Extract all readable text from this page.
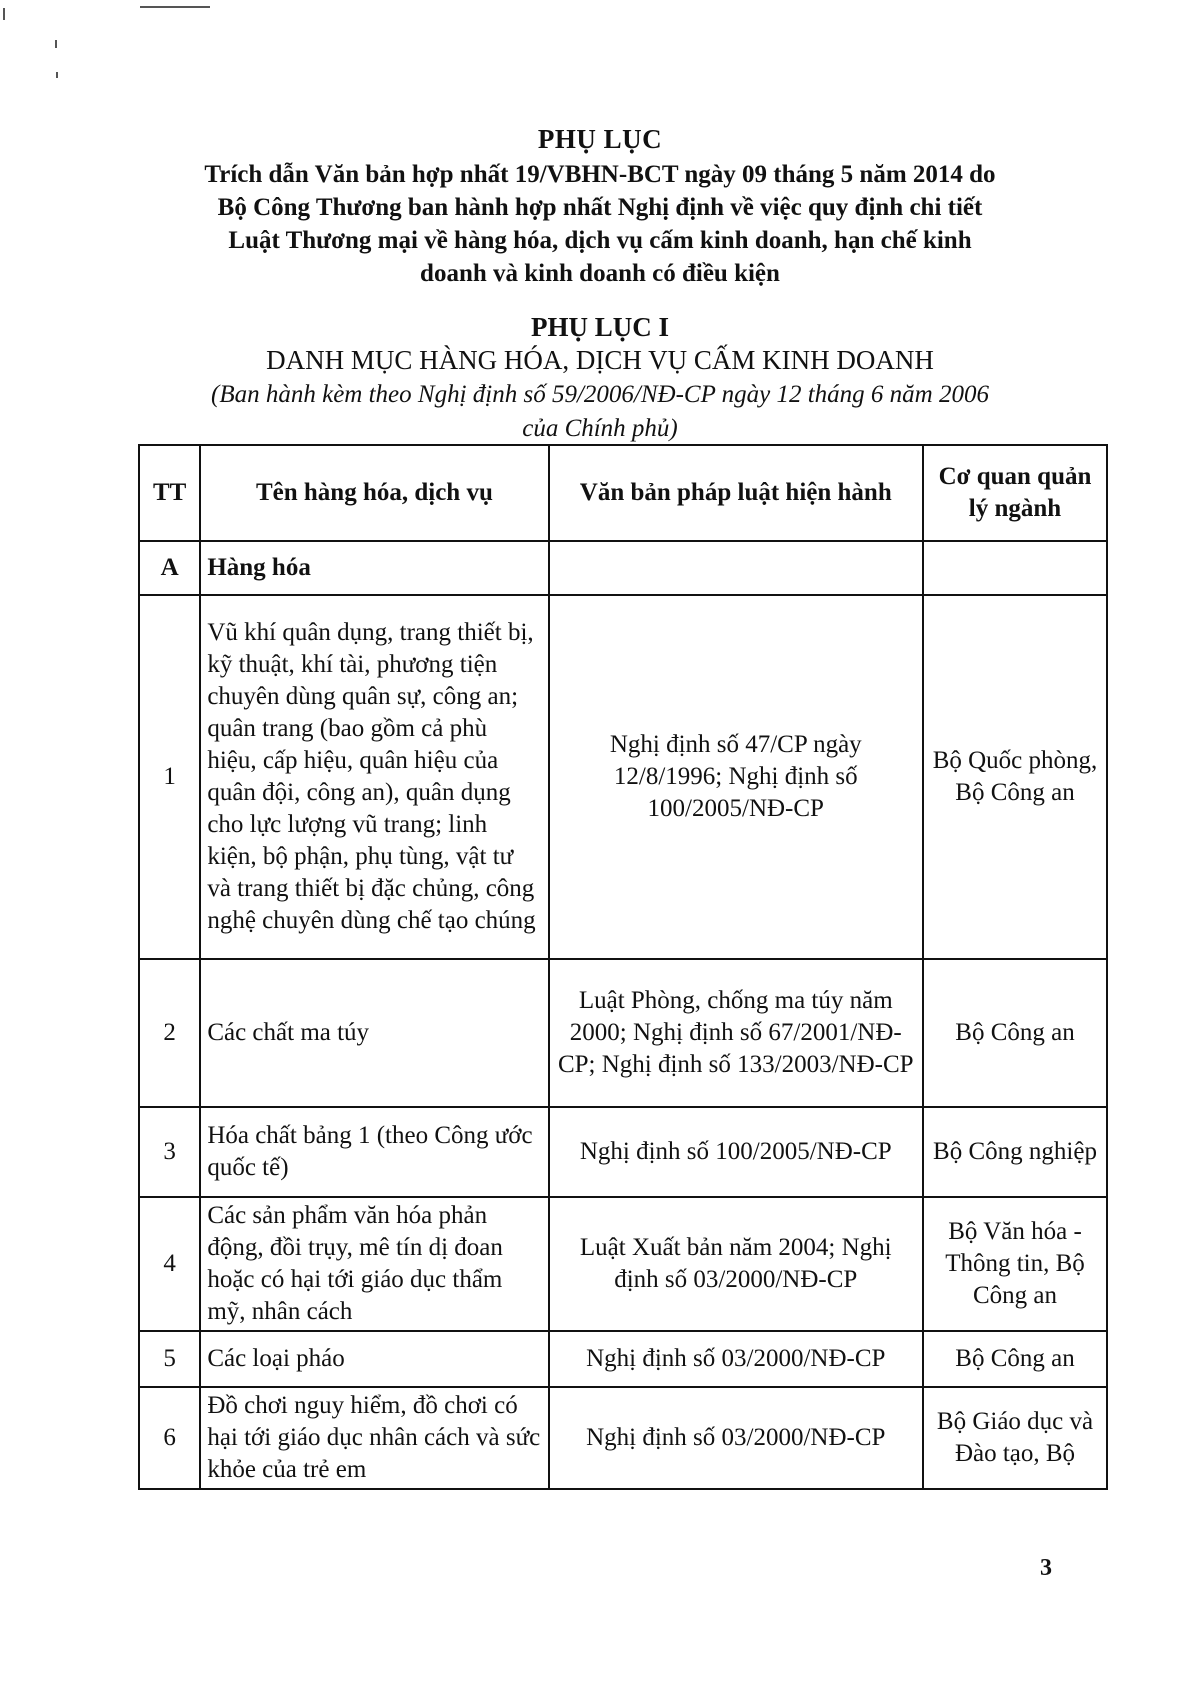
PHỤ LỤC
Trích dẫn Văn bản hợp nhất 19/VBHN-BCT ngày 09 tháng 5 năm 2014 do
Bộ Công Thương ban hành hợp nhất Nghị định về việc quy định chi tiết
Luật Thương mại về hàng hóa, dịch vụ cấm kinh doanh, hạn chế kinh
doanh và kinh doanh có điều kiện
PHỤ LỤC I
DANH MỤC HÀNG HÓA, DỊCH VỤ CẤM KINH DOANH
(Ban hành kèm theo Nghị định số 59/2006/NĐ-CP ngày 12 tháng 6 năm 2006
của Chính phủ)
TT	Tên hàng hóa, dịch vụ	Văn bản pháp luật hiện hành	Cơ quan quản lý ngành
A	Hàng hóa		
1	Vũ khí quân dụng, trang thiết bị, kỹ thuật, khí tài, phương tiện chuyên dùng quân sự, công an; quân trang (bao gồm cả phù hiệu, cấp hiệu, quân hiệu của quân đội, công an), quân dụng cho lực lượng vũ trang; linh kiện, bộ phận, phụ tùng, vật tư và trang thiết bị đặc chủng, công nghệ chuyên dùng chế tạo chúng	Nghị định số 47/CP ngày 12/8/1996; Nghị định số 100/2005/NĐ-CP	Bộ Quốc phòng, Bộ Công an
2	Các chất ma túy	Luật Phòng, chống ma túy năm 2000; Nghị định số 67/2001/NĐ-CP; Nghị định số 133/2003/NĐ-CP	Bộ Công an
3	Hóa chất bảng 1 (theo Công ước quốc tế)	Nghị định số 100/2005/NĐ-CP	Bộ Công nghiệp
4	Các sản phẩm văn hóa phản động, đồi trụy, mê tín dị đoan hoặc có hại tới giáo dục thẩm mỹ, nhân cách	Luật Xuất bản năm 2004; Nghị định số 03/2000/NĐ-CP	Bộ Văn hóa - Thông tin, Bộ Công an
5	Các loại pháo	Nghị định số 03/2000/NĐ-CP	Bộ Công an
6	Đồ chơi nguy hiểm, đồ chơi có hại tới giáo dục nhân cách và sức khỏe của trẻ em	Nghị định số 03/2000/NĐ-CP	Bộ Giáo dục và Đào tạo, Bộ
3
